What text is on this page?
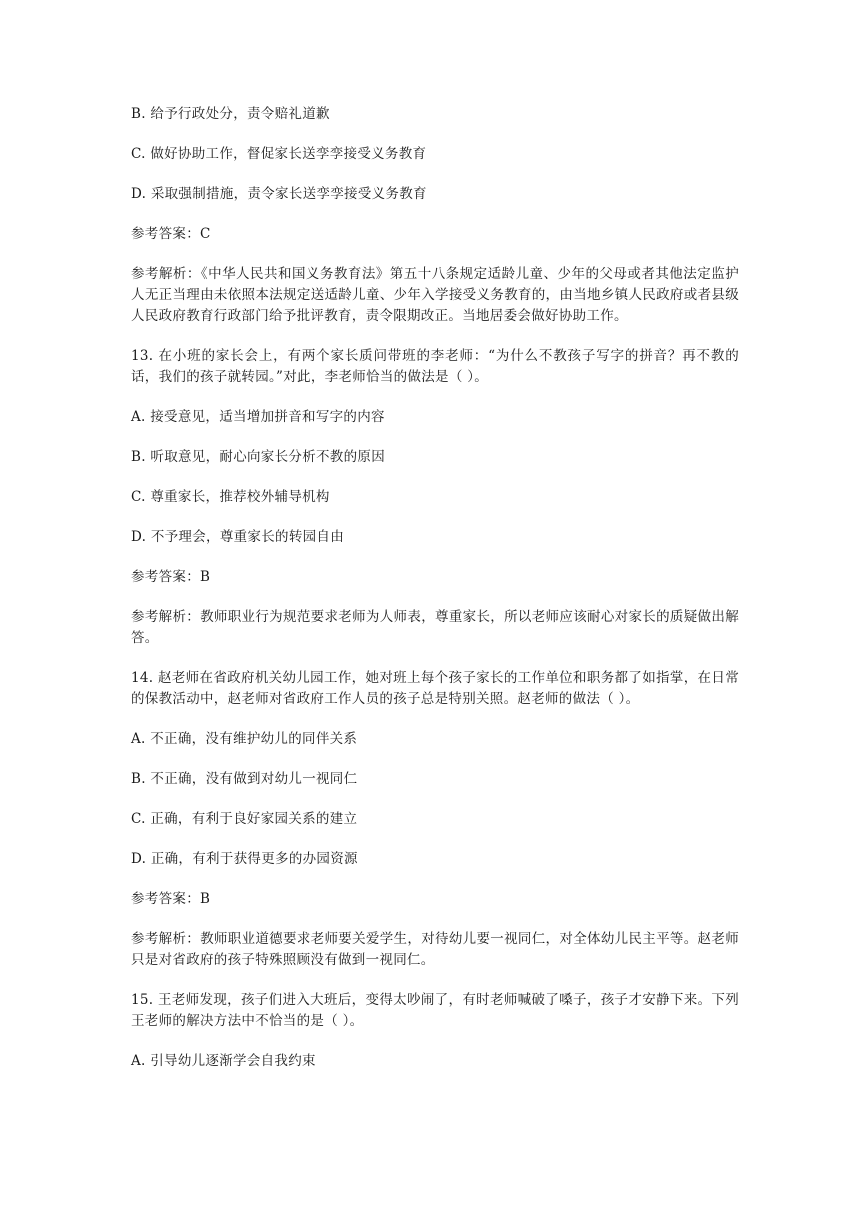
B. 给予行政处分，责令赔礼道歉

C. 做好协助工作，督促家长送孪孪接受义务教育

D. 采取强制措施，责令家长送孪孪接受义务教育

参考答案：C

参考解析：《中华人民共和国义务教育法》第五十八条规定适龄儿童、少年的父母或者其他法定监护人无正当理由未依照本法规定送适龄儿童、少年入学接受义务教育的，由当地乡镇人民政府或者县级人民政府教育行政部门给予批评教育，责令限期改正。当地居委会做好协助工作。

13. 在小班的家长会上，有两个家长质问带班的李老师：“为什么不教孩子写字的拼音？再不教的话，我们的孩子就转园。”对此，李老师恰当的做法是（ ）。

A. 接受意见，适当增加拼音和写字的内容

B. 听取意见，耐心向家长分析不教的原因

C. 尊重家长，推荐校外辅导机构

D. 不予理会，尊重家长的转园自由

参考答案：B

参考解析：教师职业行为规范要求老师为人师表，尊重家长，所以老师应该耐心对家长的质疑做出解答。

14. 赵老师在省政府机关幼儿园工作，她对班上每个孩子家长的工作单位和职务都了如指掌，在日常的保教活动中，赵老师对省政府工作人员的孩子总是特别关照。赵老师的做法（ ）。

A. 不正确，没有维护幼儿的同伴关系

B. 不正确，没有做到对幼儿一视同仁

C. 正确，有利于良好家园关系的建立

D. 正确，有利于获得更多的办园资源

参考答案：B

参考解析：教师职业道德要求老师要关爱学生，对待幼儿要一视同仁，对全体幼儿民主平等。赵老师只是对省政府的孩子特殊照顾没有做到一视同仁。

15. 王老师发现，孩子们进入大班后，变得太吵闹了，有时老师喊破了嗓子，孩子才安静下来。下列王老师的解决方法中不恰当的是（ ）。

A. 引导幼儿逐渐学会自我约束
